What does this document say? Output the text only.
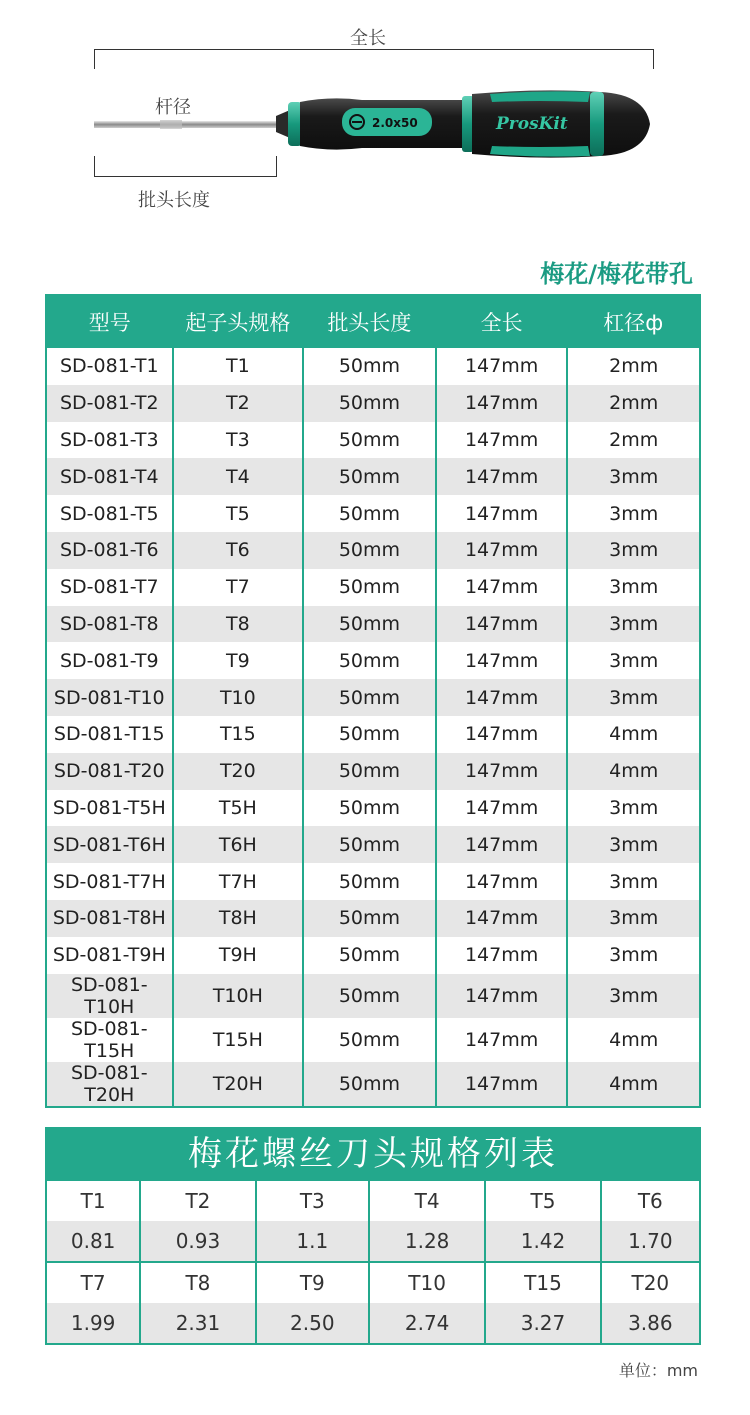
全长
杆径
批头长度
2.0x50	ProsKit
梅花/梅花带孔
型号	起子头规格	批头长度	全长	杠径ф
SD-081-T1	T1	50mm	147mm	2mm
SD-081-T2	T2	50mm	147mm	2mm
SD-081-T3	T3	50mm	147mm	2mm
SD-081-T4	T4	50mm	147mm	3mm
SD-081-T5	T5	50mm	147mm	3mm
SD-081-T6	T6	50mm	147mm	3mm
SD-081-T7	T7	50mm	147mm	3mm
SD-081-T8	T8	50mm	147mm	3mm
SD-081-T9	T9	50mm	147mm	3mm
SD-081-T10	T10	50mm	147mm	3mm
SD-081-T15	T15	50mm	147mm	4mm
SD-081-T20	T20	50mm	147mm	4mm
SD-081-T5H	T5H	50mm	147mm	3mm
SD-081-T6H	T6H	50mm	147mm	3mm
SD-081-T7H	T7H	50mm	147mm	3mm
SD-081-T8H	T8H	50mm	147mm	3mm
SD-081-T9H	T9H	50mm	147mm	3mm
SD-081-T10H	T10H	50mm	147mm	3mm
SD-081-T15H	T15H	50mm	147mm	4mm
SD-081-T20H	T20H	50mm	147mm	4mm
梅花螺丝刀头规格列表
T1	T2	T3	T4	T5	T6
0.81	0.93	1.1	1.28	1.42	1.70

T7	T8	T9	T10	T15	T20
1.99	2.31	2.50	2.74	3.27	3.86
单位：mm
